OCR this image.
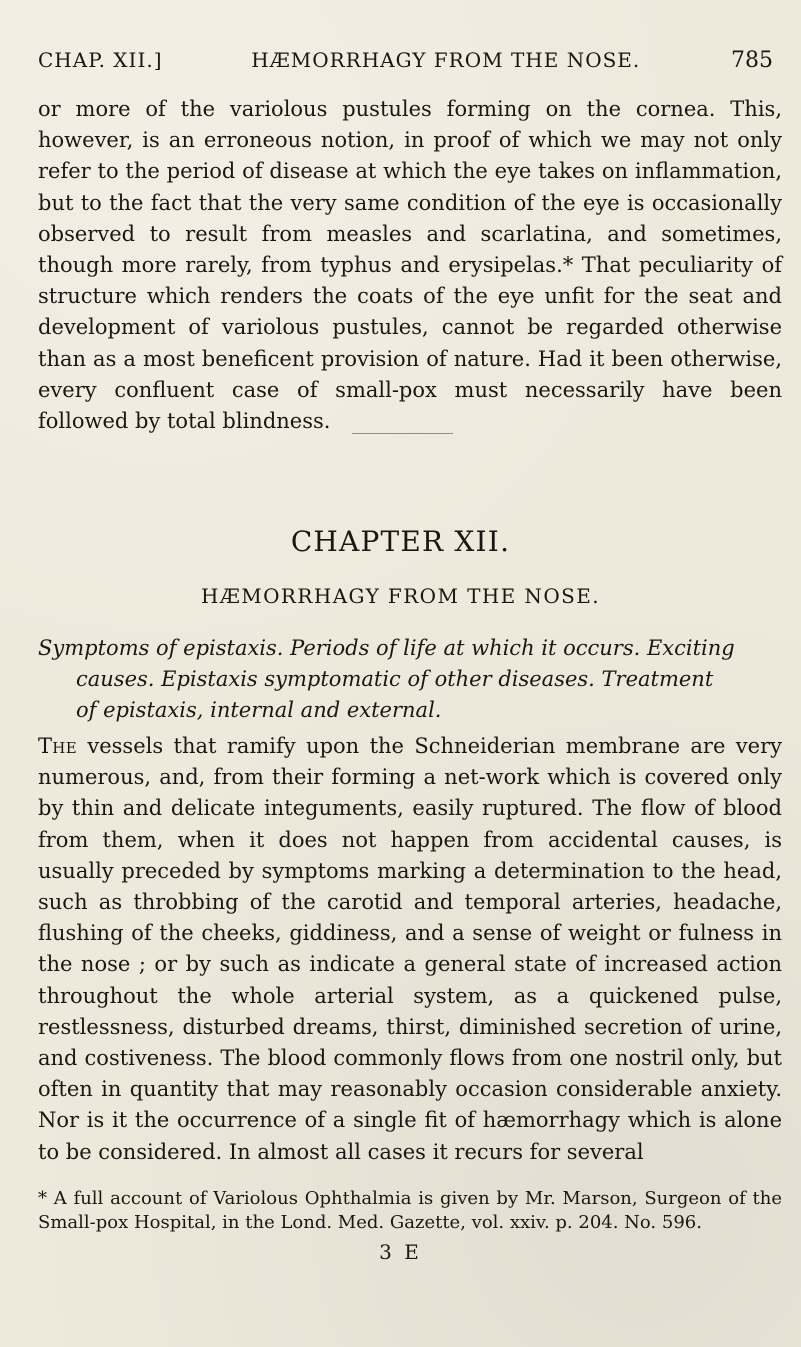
CHAP. XII.]	HÆMORRHAGY FROM THE NOSE.	785
or more of the variolous pustules forming on the cornea. This, however, is an erroneous notion, in proof of which we may not only refer to the period of disease at which the eye takes on inflammation, but to the fact that the very same condition of the eye is occasionally observed to result from measles and scarlatina, and sometimes, though more rarely, from typhus and erysipelas.* That peculiarity of structure which renders the coats of the eye unfit for the seat and development of variolous pustules, cannot be regarded otherwise than as a most beneficent provision of nature. Had it been otherwise, every confluent case of small-pox must necessarily have been followed by total blindness.
CHAPTER XII.
HÆMORRHAGY FROM THE NOSE.
Symptoms of epistaxis. Periods of life at which it occurs. Exciting
causes. Epistaxis symptomatic of other diseases. Treatment
of epistaxis, internal and external.
The vessels that ramify upon the Schneiderian membrane are very numerous, and, from their forming a net-work which is covered only by thin and delicate integuments, easily ruptured. The flow of blood from them, when it does not happen from accidental causes, is usually preceded by symptoms marking a determination to the head, such as throbbing of the carotid and temporal arteries, headache, flushing of the cheeks, giddiness, and a sense of weight or fulness in the nose ; or by such as indicate a general state of increased action throughout the whole arterial system, as a quickened pulse, restlessness, disturbed dreams, thirst, diminished secretion of urine, and costiveness. The blood commonly flows from one nostril only, but often in quantity that may reasonably occasion considerable anxiety. Nor is it the occurrence of a single fit of hæmorrhagy which is alone to be considered. In almost all cases it recurs for several
* A full account of Variolous Ophthalmia is given by Mr. Marson, Surgeon of the Small-pox Hospital, in the Lond. Med. Gazette, vol. xxiv. p. 204. No. 596.
3 E
